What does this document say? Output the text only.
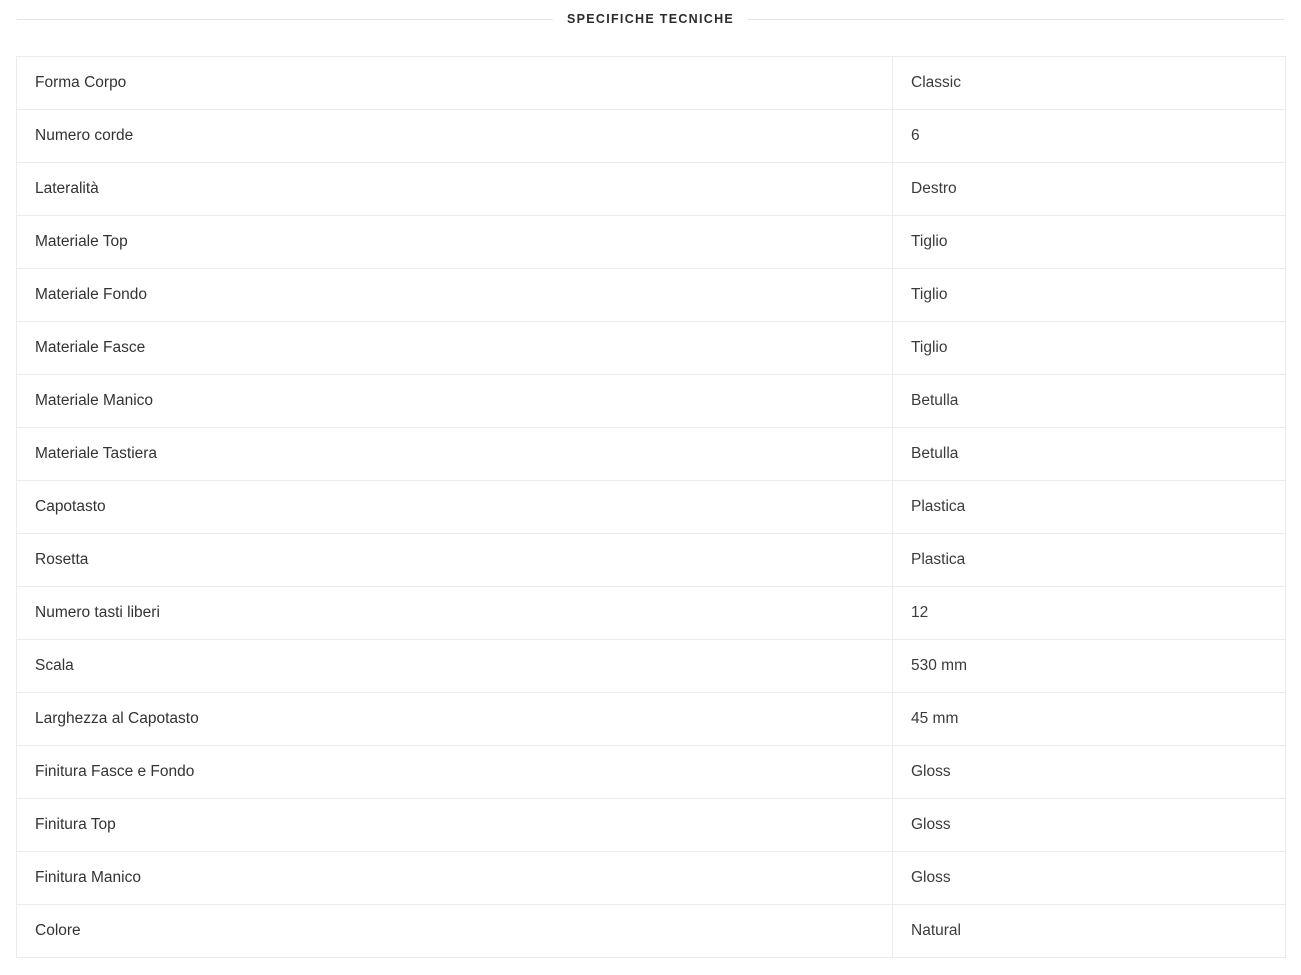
SPECIFICHE TECNICHE
Forma Corpo	Classic
Numero corde	6
Lateralità	Destro
Materiale Top	Tiglio
Materiale Fondo	Tiglio
Materiale Fasce	Tiglio
Materiale Manico	Betulla
Materiale Tastiera	Betulla
Capotasto	Plastica
Rosetta	Plastica
Numero tasti liberi	12
Scala	530 mm
Larghezza al Capotasto	45 mm
Finitura Fasce e Fondo	Gloss
Finitura Top	Gloss
Finitura Manico	Gloss
Colore	Natural
